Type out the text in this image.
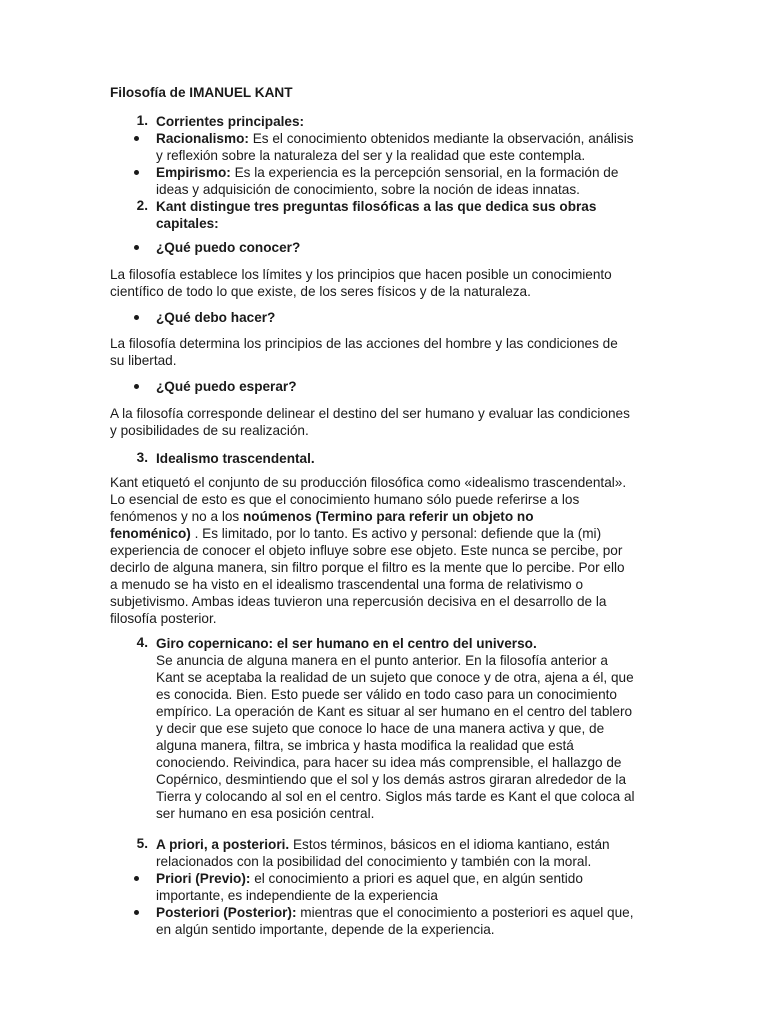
Filosofía de IMANUEL KANT
1. Corrientes principales:
Racionalismo: Es el conocimiento obtenidos mediante la observación, análisis
y reflexión sobre la naturaleza del ser y la realidad que este contempla.
Empirismo: Es la experiencia es la percepción sensorial, en la formación de
ideas y adquisición de conocimiento, sobre la noción de ideas innatas.
2. Kant distingue tres preguntas filosóficas a las que dedica sus obras
capitales:
¿Qué puedo conocer?
La filosofía establece los límites y los principios que hacen posible un conocimiento
científico de todo lo que existe, de los seres físicos y de la naturaleza.
¿Qué debo hacer?
La filosofía determina los principios de las acciones del hombre y las condiciones de
su libertad.
¿Qué puedo esperar?
A la filosofía corresponde delinear el destino del ser humano y evaluar las condiciones
y posibilidades de su realización.
3. Idealismo trascendental.
Kant etiquetó el conjunto de su producción filosófica como «idealismo trascendental».
Lo esencial de esto es que el conocimiento humano sólo puede referirse a los
fenómenos y no a los noúmenos (Termino para referir un objeto no
fenoménico) . Es limitado, por lo tanto. Es activo y personal: defiende que la (mi)
experiencia de conocer el objeto influye sobre ese objeto. Este nunca se percibe, por
decirlo de alguna manera, sin filtro porque el filtro es la mente que lo percibe. Por ello
a menudo se ha visto en el idealismo trascendental una forma de relativismo o
subjetivismo. Ambas ideas tuvieron una repercusión decisiva en el desarrollo de la
filosofía posterior.
4. Giro copernicano: el ser humano en el centro del universo.
Se anuncia de alguna manera en el punto anterior. En la filosofía anterior a
Kant se aceptaba la realidad de un sujeto que conoce y de otra, ajena a él, que
es conocida. Bien. Esto puede ser válido en todo caso para un conocimiento
empírico. La operación de Kant es situar al ser humano en el centro del tablero
y decir que ese sujeto que conoce lo hace de una manera activa y que, de
alguna manera, filtra, se imbrica y hasta modifica la realidad que está
conociendo. Reivindica, para hacer su idea más comprensible, el hallazgo de
Copérnico, desmintiendo que el sol y los demás astros giraran alrededor de la
Tierra y colocando al sol en el centro. Siglos más tarde es Kant el que coloca al
ser humano en esa posición central.
5. A priori, a posteriori. Estos términos, básicos en el idioma kantiano, están
relacionados con la posibilidad del conocimiento y también con la moral.
Priori (Previo): el conocimiento a priori es aquel que, en algún sentido
importante, es independiente de la experiencia
Posteriori (Posterior): mientras que el conocimiento a posteriori es aquel que,
en algún sentido importante, depende de la experiencia.
